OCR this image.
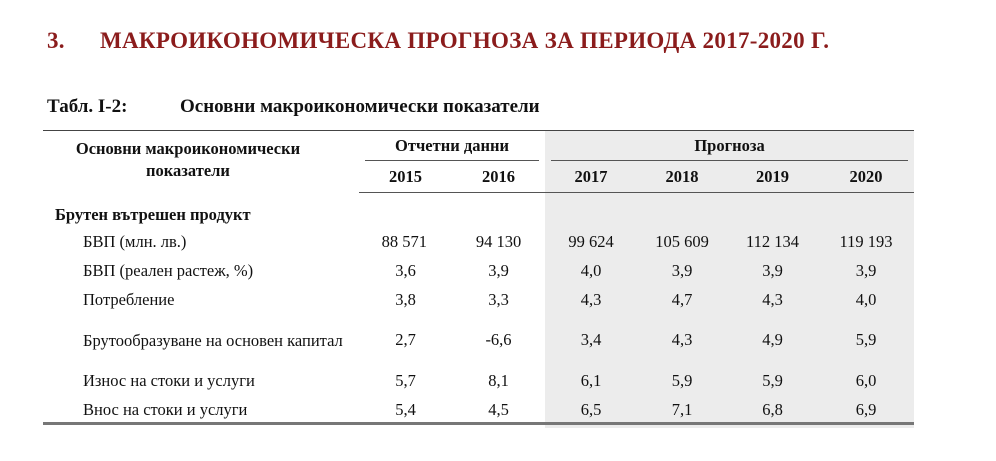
3. МАКРОИКОНОМИЧЕСКА ПРОГНОЗА ЗА ПЕРИОДА 2017-2020 Г.
Табл. I-2:	Основни макроикономически показатели
Основни макроикономически показатели	Отчетни данни		Прогноза			
	2015	2016	2017	2018	2019	2020
Брутен вътрешен продукт						
БВП (млн. лв.)	88 571	94 130	99 624	105 609	112 134	119 193
БВП (реален растеж, %)	3,6	3,9	4,0	3,9	3,9	3,9
Потребление	3,8	3,3	4,3	4,7	4,3	4,0

Брутообразуване на основен капитал	2,7	-6,6	3,4	4,3	4,9	5,9
Износ на стоки и услуги	5,7	8,1	6,1	5,9	5,9	6,0
Внос на стоки и услуги	5,4	4,5	6,5	7,1	6,8	6,9
